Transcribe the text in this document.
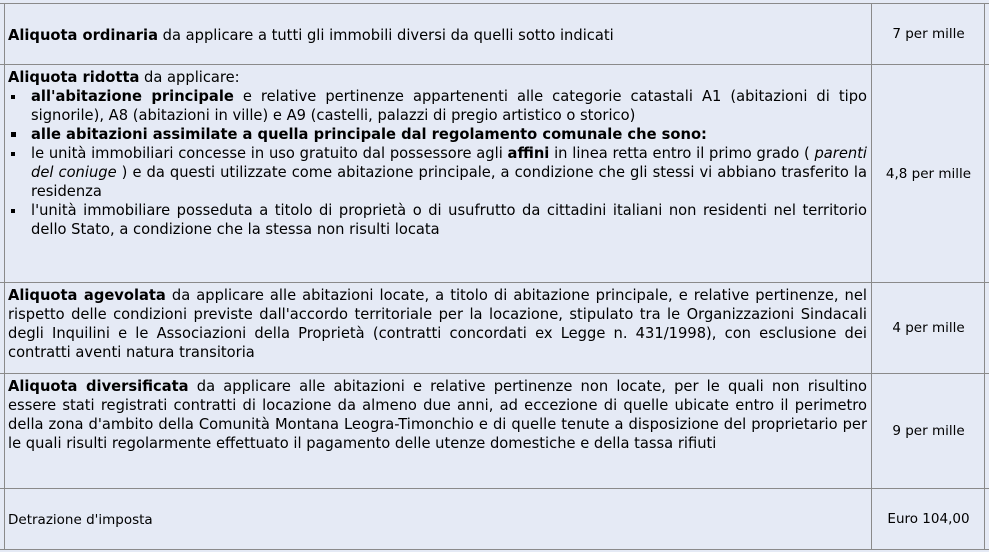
Aliquota ordinaria da applicare a tutti gli immobili diversi da quelli sotto indicati	7 per mille
Aliquota ridotta da applicare:
all'abitazione principale e relative pertinenze appartenenti alle categorie catastali A1 (abitazioni di tipo signorile), A8 (abitazioni in ville) e A9 (castelli, palazzi di pregio artistico o storico)
alle abitazioni assimilate a quella principale dal regolamento comunale che sono:
le unità immobiliari concesse in uso gratuito dal possessore agli affini in linea retta entro il primo grado ( parenti del coniuge ) e da questi utilizzate come abitazione principale, a condizione che gli stessi vi abbiano trasferito la residenza
l'unità immobiliare posseduta a titolo di proprietà o di usufrutto da cittadini italiani non residenti nel territorio dello Stato, a condizione che la stessa non risulti locata
4,8 per mille
Aliquota agevolata da applicare alle abitazioni locate, a titolo di abitazione principale, e relative pertinenze, nel rispetto delle condizioni previste dall'accordo territoriale per la locazione, stipulato tra le Organizzazioni Sindacali degli Inquilini e le Associazioni della Proprietà (contratti concordati ex Legge n. 431/1998), con esclusione dei contratti aventi natura transitoria
4 per mille
Aliquota diversificata da applicare alle abitazioni e relative pertinenze non locate, per le quali non risultino essere stati registrati contratti di locazione da almeno due anni, ad eccezione di quelle ubicate entro il perimetro della zona d'ambito della Comunità Montana Leogra-Timonchio e di quelle tenute a disposizione del proprietario per le quali risulti regolarmente effettuato il pagamento delle utenze domestiche e della tassa rifiuti
9 per mille
Detrazione d'imposta	Euro 104,00
